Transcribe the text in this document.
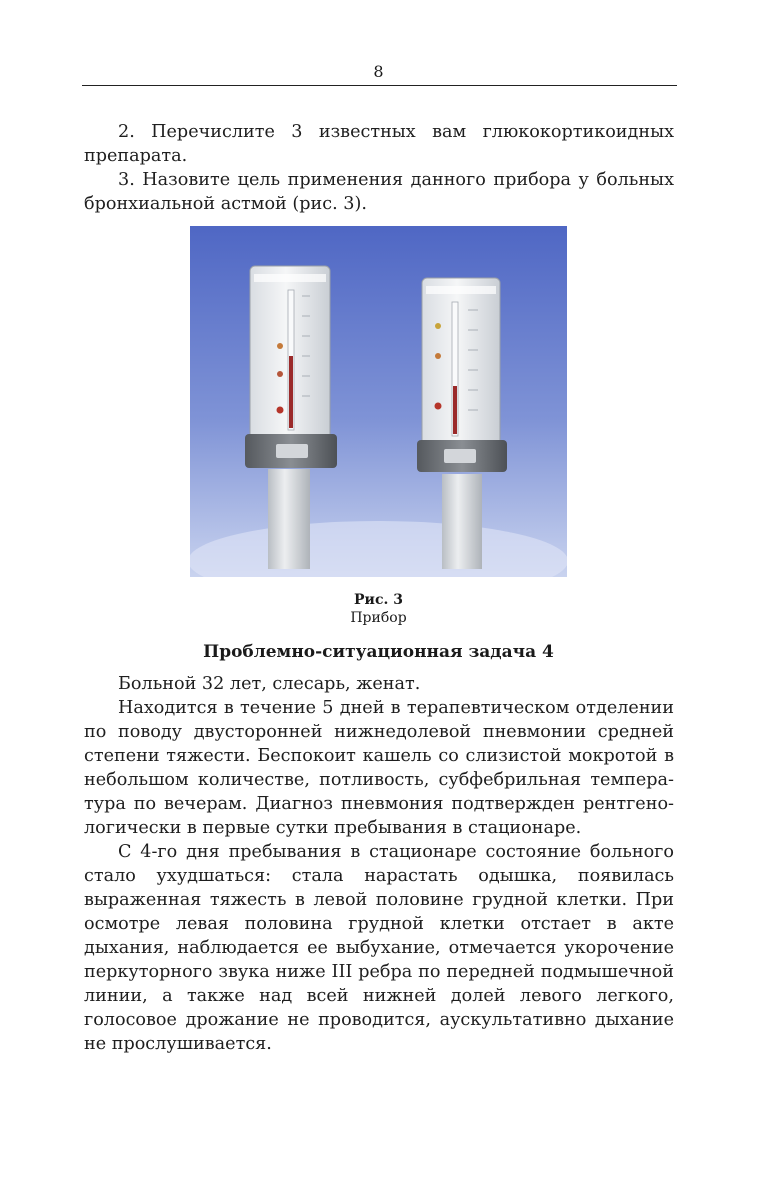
8

2. Перечислите 3 известных вам глюкокортикоидных препарата.

3. Назовите цель применения данного прибора у больных бронхиальной астмой (рис. 3).

Рис. 3
Прибор
Проблемно-ситуационная задача 4

Больной 32 лет, слесарь, женат.

Находится в течение 5 дней в терапевтическом отделении по поводу двусторонней нижнедолевой пневмонии средней степени тяжести. Беспокоит кашель со слизистой мокротой в небольшом количестве, потливость, субфебрильная температура по вечерам. Диагноз пневмония подтвержден рентгенологически в первые сутки пребывания в стационаре.

С 4-го дня пребывания в стационаре состояние больного стало ухудшаться: стала нарастать одышка, появилась выраженная тяжесть в левой половине грудной клетки. При осмотре левая половина грудной клетки отстает в акте дыхания, наблюдается ее выбухание, отмечается укорочение перкуторного звука ниже III ребра по передней подмышечной линии, а также над всей нижней долей левого легкого, голосовое дрожание не проводится, аускультативно дыхание не прослушивается.
